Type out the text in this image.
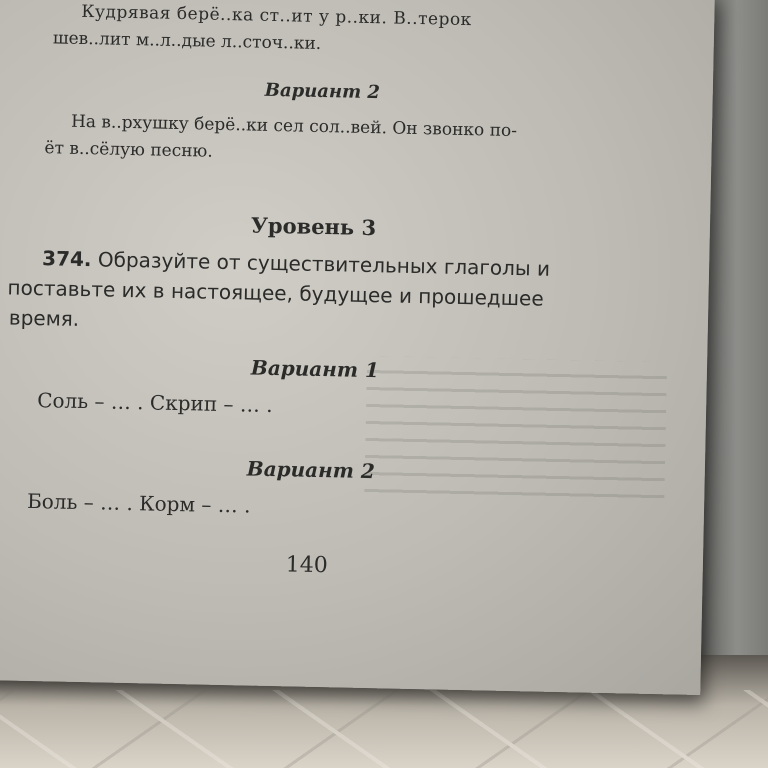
Кудрявая берё..ка ст..ит у р..ки. В..терок
шев..лит м..л..дые л..сточ..ки.
Вариант 2
На в..рхушку берё..ки сел сол..вей. Он звонко по-
ёт в..сёлую песню.
Уровень 3
374. Образуйте от существительных глаголы и
поставьте их в настоящее, будущее и прошедшее
время.
Вариант 1
Соль – … . Скрип – … .
Вариант 2
Боль – … . Корм – … .
140
